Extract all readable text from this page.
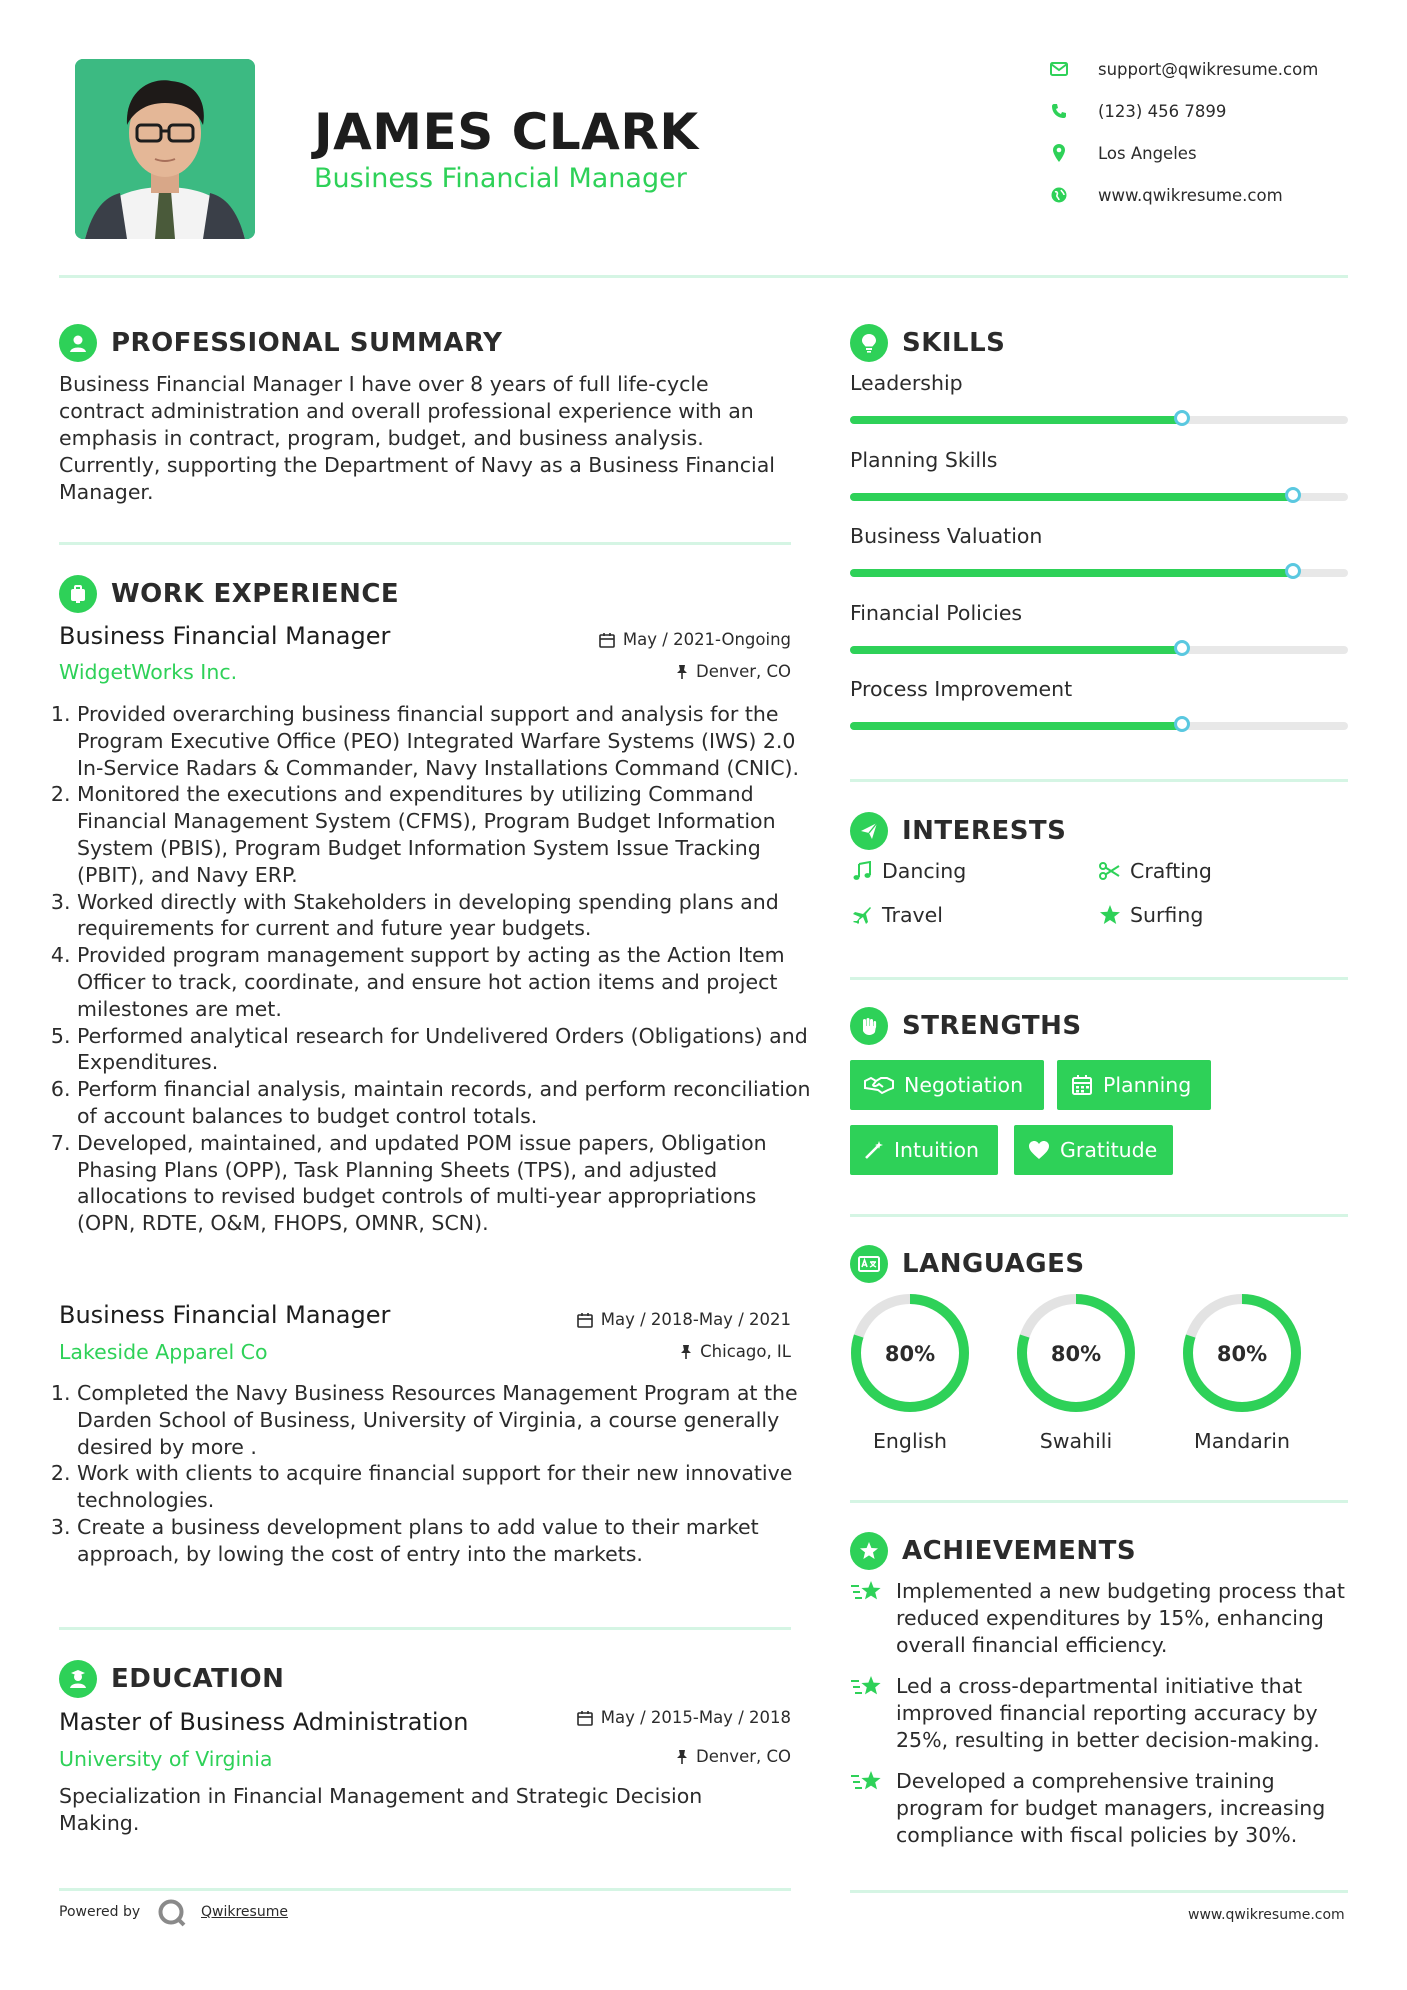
JAMES CLARK
Business Financial Manager
support@qwikresume.com
(123) 456 7899
Los Angeles
www.qwikresume.com
PROFESSIONAL SUMMARY
Business Financial Manager I have over 8 years of full life-cycle contract administration and overall professional experience with an emphasis in contract, program, budget, and business analysis. Currently, supporting the Department of Navy as a Business Financial Manager.
WORK EXPERIENCE
Business Financial Manager
WidgetWorks Inc.
May / 2021-Ongoing
Denver, CO
1. Provided overarching business financial support and analysis for the Program Executive Office (PEO) Integrated Warfare Systems (IWS) 2.0 In-Service Radars & Commander, Navy Installations Command (CNIC).
2. Monitored the executions and expenditures by utilizing Command Financial Management System (CFMS), Program Budget Information System (PBIS), Program Budget Information System Issue Tracking (PBIT), and Navy ERP.
3. Worked directly with Stakeholders in developing spending plans and requirements for current and future year budgets.
4. Provided program management support by acting as the Action Item Officer to track, coordinate, and ensure hot action items and project milestones are met.
5. Performed analytical research for Undelivered Orders (Obligations) and Expenditures.
6. Perform financial analysis, maintain records, and perform reconciliation of account balances to budget control totals.
7. Developed, maintained, and updated POM issue papers, Obligation Phasing Plans (OPP), Task Planning Sheets (TPS), and adjusted allocations to revised budget controls of multi-year appropriations (OPN, RDTE, O&M, FHOPS, OMNR, SCN).
Business Financial Manager
Lakeside Apparel Co
May / 2018-May / 2021
Chicago, IL
1. Completed the Navy Business Resources Management Program at the Darden School of Business, University of Virginia, a course generally desired by more .
2. Work with clients to acquire financial support for their new innovative technologies.
3. Create a business development plans to add value to their market approach, by lowing the cost of entry into the markets.
EDUCATION
Master of Business Administration
University of Virginia
May / 2015-May / 2018
Denver, CO
Specialization in Financial Management and Strategic Decision Making.
SKILLS
Leadership
Planning Skills
Business Valuation
Financial Policies
Process Improvement
INTERESTS
Dancing	Crafting
Travel	Surfing
STRENGTHS
Negotiation	Planning
Intuition	Gratitude
LANGUAGES
80%
English
80%
Swahili
80%
Mandarin
ACHIEVEMENTS
Implemented a new budgeting process that reduced expenditures by 15%, enhancing overall financial efficiency.
Led a cross-departmental initiative that improved financial reporting accuracy by 25%, resulting in better decision-making.
Developed a comprehensive training program for budget managers, increasing compliance with fiscal policies by 30%.
Powered by	Qwikresume	www.qwikresume.com
